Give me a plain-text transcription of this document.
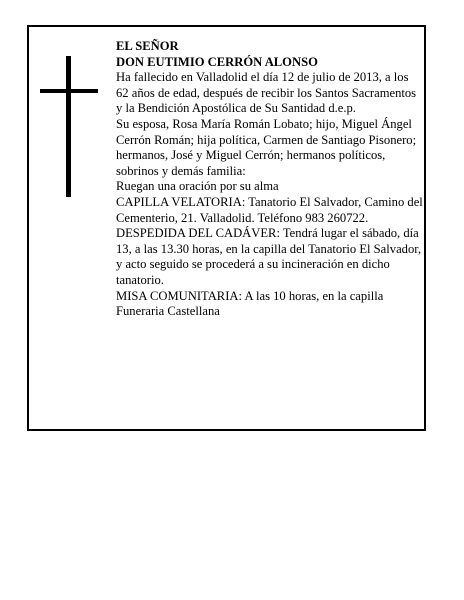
EL SEÑOR

DON EUTIMIO CERRÓN ALONSO

Ha fallecido en Valladolid el día 12 de julio de 2013, a los 62 años de edad, después de recibir los Santos Sacramentos y la Bendición Apostólica de Su Santidad d.e.p.

Su esposa, Rosa María Román Lobato; hijo, Miguel Ángel Cerrón Román; hija política, Carmen de Santiago Pisonero; hermanos, José y Miguel Cerrón; hermanos políticos, sobrinos y demás familia:

Ruegan una oración por su alma

CAPILLA VELATORIA: Tanatorio El Salvador, Camino del Cementerio, 21. Valladolid. Teléfono 983 260722.

DESPEDIDA DEL CADÁVER: Tendrá lugar el sábado, día 13, a las 13.30 horas, en la capilla del Tanatorio El Salvador, y acto seguido se procederá a su incineración en dicho tanatorio.

MISA COMUNITARIA: A las 10 horas, en la capilla Funeraria Castellana
